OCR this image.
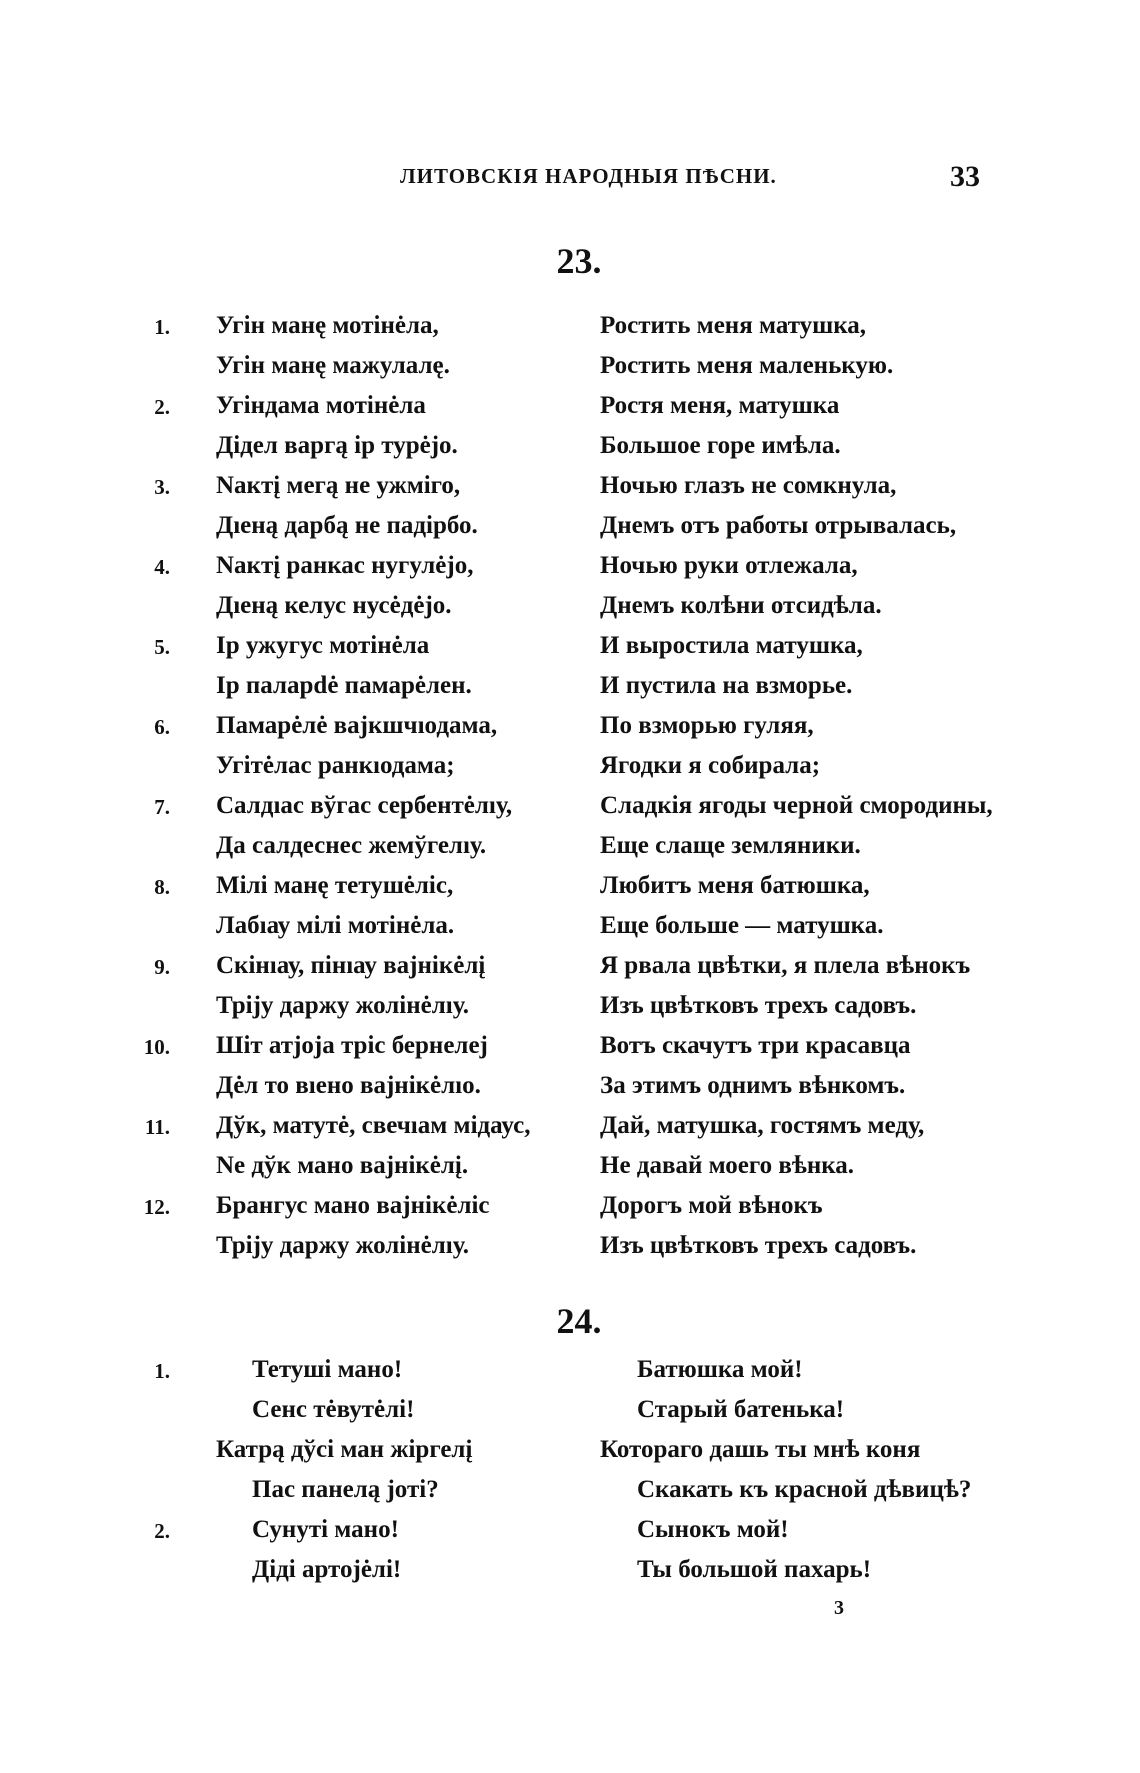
ЛИТОВСКІЯ НАРОДНЫЯ ПѢСНИ.	33
23.
1. Угін манę мотінėла,	Ростить меня матушка,
Угін манę мажулалę.	Ростить меня маленькую.
2. Угіндама мотінėла	Ростя меня, матушка
Дідел варгą ір турėjо.	Большое горе имѣла.
3. Nактį мегą не ужміго,	Ночью глазъ не сомкнула,
Дıенą дарбą не падірбо.	Днемъ отъ работы отрывалась,
4. Nактį ранкас нугулėjо,	Ночью руки отлежала,
Дıенą келус нусėдėjо.	Днемъ колѣни отсидѣла.
5. Ір ужугус мотінėла	И выростила матушка,
Ір паларdė памарėлен.	И пустила на взморье.
6. Памарėлė вajкшчıодама,	По взморью гуляя,
Угітėлас ранкıодама;	Ягодки я собирала;
7. Салдıас вўгас сербентėлıу,	Сладкія ягоды черной смородины,
Да салдеснес жемўгелıу.	Еще слаще земляники.
8. Мілі манę тетушėліс,	Любитъ меня батюшка,
Лабıау мілі мотінėла.	Еще больше — матушка.
9. Скінıау, пінıау вajнікėлį	Я рвала цвѣтки, я плела вѣнокъ
Тріjу даржу жолінėлıу.	Изъ цвѣтковъ трехъ садовъ.
10. Шіт атjоjа тріс бернелеj	Вотъ скачутъ три красавца
Дėл то вıено вajнікėлıо.	За этимъ однимъ вѣнкомъ.
11. Дўк, матутė, свечıам мідаус,	Дай, матушка, гостямъ меду,
Nе дўк мано вajнікėлį.	Не давай моего вѣнка.
12. Брангус мано вajнікėліс	Дорогъ мой вѣнокъ
Тріjу даржу жолінėлıу.	Изъ цвѣтковъ трехъ садовъ.
24.
1.	Тетуші мано!	Батюшка мой!
Сенс тėвутėлі!	Старый батенька!
Катрą дўсі ман жіргелį	Котораго дашь ты мнѣ коня
Пас панелą jоті?	Скакать къ красной дѣвицѣ?
2.	Сунуті мано!	Сынокъ мой!
Діді артоjėлі!	Ты большой пахарь!
3
